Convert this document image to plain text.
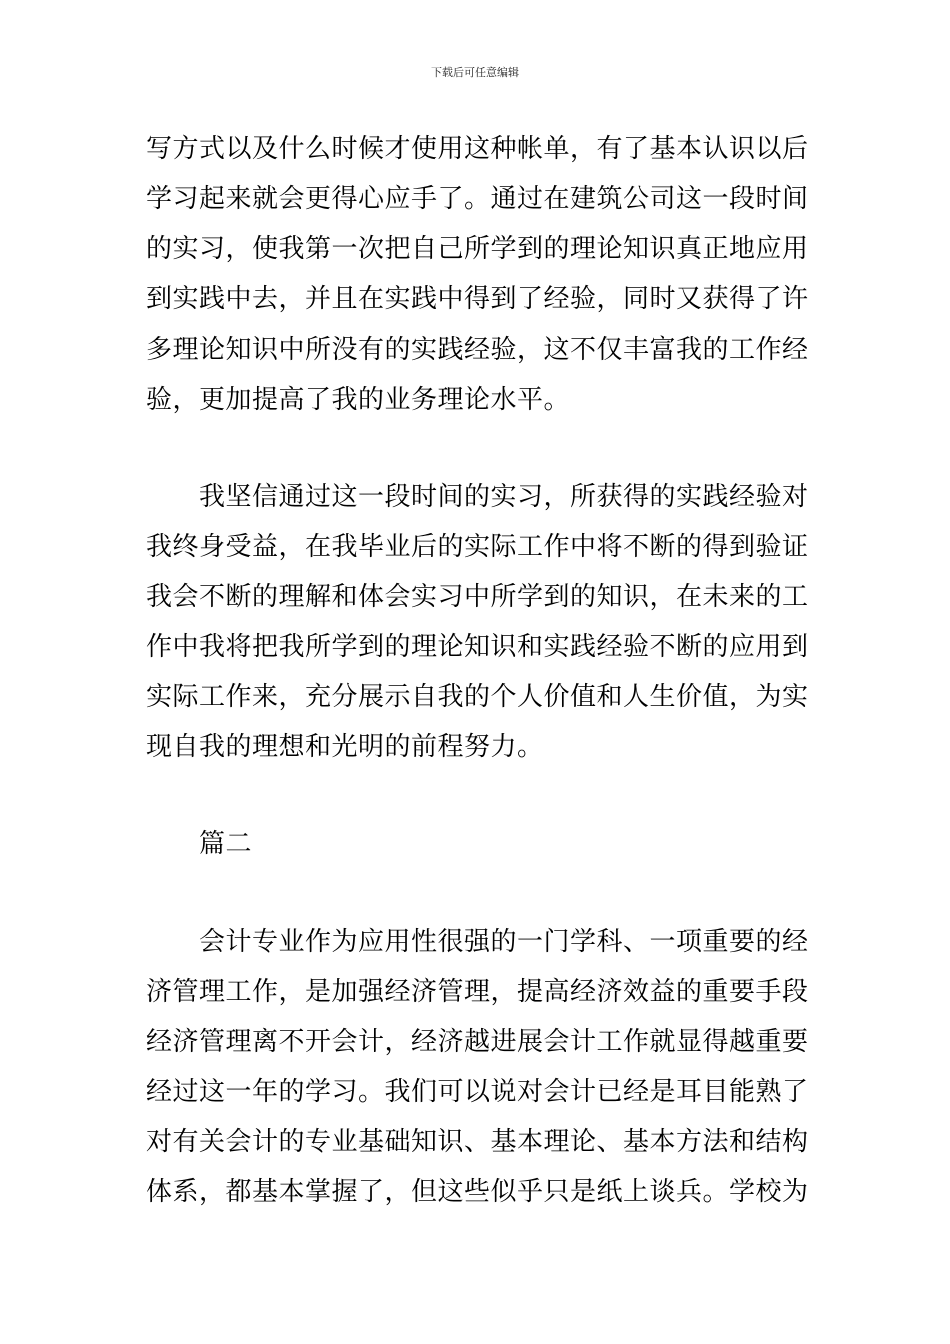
下载后可任意编辑
写方式以及什么时候才使用这种帐单，有了基本认识以后
学习起来就会更得心应手了。通过在建筑公司这一段时间
的实习，使我第一次把自己所学到的理论知识真正地应用
到实践中去，并且在实践中得到了经验，同时又获得了许
多理论知识中所没有的实践经验，这不仅丰富我的工作经
验，更加提高了我的业务理论水平。
我坚信通过这一段时间的实习，所获得的实践经验对
我终身受益，在我毕业后的实际工作中将不断的得到验证
我会不断的理解和体会实习中所学到的知识，在未来的工
作中我将把我所学到的理论知识和实践经验不断的应用到
实际工作来，充分展示自我的个人价值和人生价值，为实
现自我的理想和光明的前程努力。
篇二
会计专业作为应用性很强的一门学科、一项重要的经
济管理工作，是加强经济管理，提高经济效益的重要手段
经济管理离不开会计，经济越进展会计工作就显得越重要
经过这一年的学习。我们可以说对会计已经是耳目能熟了
对有关会计的专业基础知识、基本理论、基本方法和结构
体系，都基本掌握了，但这些似乎只是纸上谈兵。学校为
